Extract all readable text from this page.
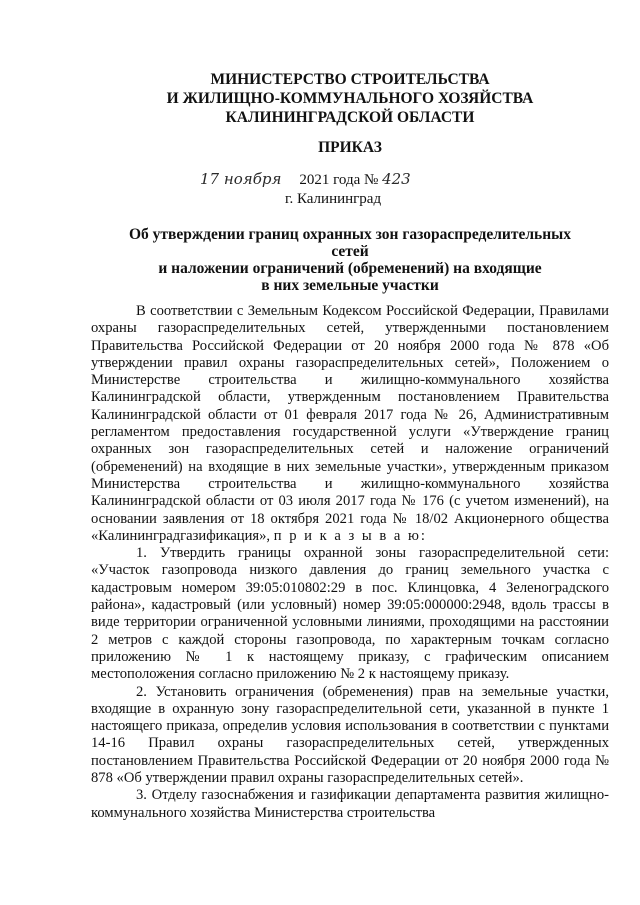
МИНИСТЕРСТВО СТРОИТЕЛЬСТВА
И ЖИЛИЩНО-КОММУНАЛЬНОГО ХОЗЯЙСТВА
КАЛИНИНГРАДСКОЙ ОБЛАСТИ
ПРИКАЗ
17 ноября 2021 года № 423
г. Калининград
Об утверждении границ охранных зон газораспределительных сетей
и наложении ограничений (обременений) на входящие
в них земельные участки

В соответствии с Земельным Кодексом Российской Федерации, Правилами охраны газораспределительных сетей, утвержденными постановлением Правительства Российской Федерации от 20 ноября 2000 года № 878 «Об утверждении правил охраны газораспределительных сетей», Положением о Министерстве строительства и жилищно-коммунального хозяйства Калининградской области, утвержденным постановлением Правительства Калининградской области от 01 февраля 2017 года № 26, Административным регламентом предоставления государственной услуги «Утверждение границ охранных зон газораспределительных сетей и наложение ограничений (обременений) на входящие в них земельные участки», утвержденным приказом Министерства строительства и жилищно-коммунального хозяйства Калининградской области от 03 июля 2017 года № 176 (с учетом изменений), на основании заявления от 18 октября 2021 года № 18/02 Акционерного общества «Калининградгазификация», п р и к а з ы в а ю:

1. Утвердить границы охранной зоны газораспределительной сети: «Участок газопровода низкого давления до границ земельного участка с кадастровым номером 39:05:010802:29 в пос. Клинцовка, 4 Зеленоградского района», кадастровый (или условный) номер 39:05:000000:2948, вдоль трассы в виде территории ограниченной условными линиями, проходящими на расстоянии 2 метров с каждой стороны газопровода, по характерным точкам согласно приложению № 1 к настоящему приказу, с графическим описанием местоположения согласно приложению № 2 к настоящему приказу.

2. Установить ограничения (обременения) прав на земельные участки, входящие в охранную зону газораспределительной сети, указанной в пункте 1 настоящего приказа, определив условия использования в соответствии с пунктами 14-16 Правил охраны газораспределительных сетей, утвержденных постановлением Правительства Российской Федерации от 20 ноября 2000 года № 878 «Об утверждении правил охраны газораспределительных сетей».

3. Отделу газоснабжения и газификации департамента развития жилищно-коммунального хозяйства Министерства строительства
